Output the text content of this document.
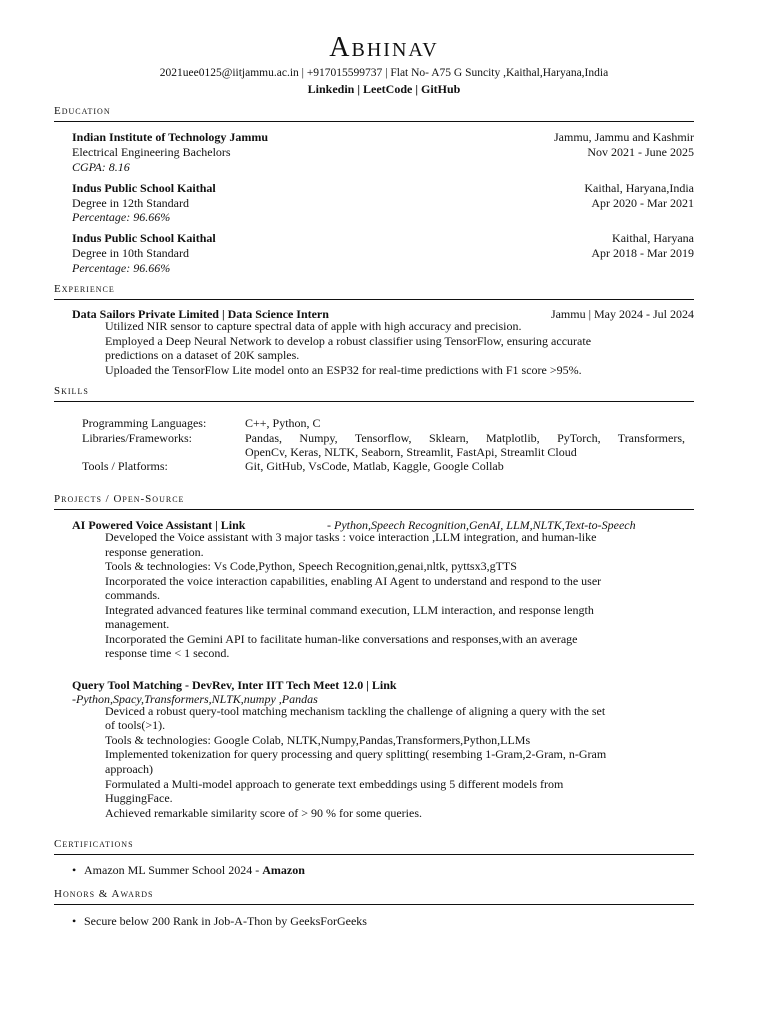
Abhinav
2021uee0125@iitjammu.ac.in | +917015599737 | Flat No- A75 G Suncity ,Kaithal,Haryana,India
Linkedin | LeetCode | GitHub
Education
Indian Institute of Technology Jammu	Jammu, Jammu and Kashmir
Electrical Engineering Bachelors	Nov 2021 - June 2025
CGPA: 8.16
Indus Public School Kaithal	Kaithal, Haryana,India
Degree in 12th Standard	Apr 2020 - Mar 2021
Percentage: 96.66%
Indus Public School Kaithal	Kaithal, Haryana
Degree in 10th Standard	Apr 2018 - Mar 2019
Percentage: 96.66%
Experience
Data Sailors Private Limited | Data Science Intern	Jammu | May 2024 - Jul 2024
Utilized NIR sensor to capture spectral data of apple with high accuracy and precision.
Employed a Deep Neural Network to develop a robust classifier using TensorFlow, ensuring accurate
predictions on a dataset of 20K samples.
Uploaded the TensorFlow Lite model onto an ESP32 for real-time predictions with F1 score >95%.
Skills
Programming Languages:	C++, Python, C
Libraries/Frameworks:	Pandas, Numpy, Tensorflow, Sklearn, Matplotlib, PyTorch, Transformers,
OpenCv, Keras, NLTK, Seaborn, Streamlit, FastApi, Streamlit Cloud
Tools / Platforms:	Git, GitHub, VsCode, Matlab, Kaggle, Google Collab
Projects / Open-Source
AI Powered Voice Assistant | Link	- Python,Speech Recognition,GenAI, LLM,NLTK,Text-to-Speech
Developed the Voice assistant with 3 major tasks : voice interaction ,LLM integration, and human-like
response generation.
Tools & technologies: Vs Code,Python, Speech Recognition,genai,nltk, pyttsx3,gTTS
Incorporated the voice interaction capabilities, enabling AI Agent to understand and respond to the user
commands.
Integrated advanced features like terminal command execution, LLM interaction, and response length
management.
Incorporated the Gemini API to facilitate human-like conversations and responses,with an average
response time < 1 second.
Query Tool Matching - DevRev, Inter IIT Tech Meet 12.0 | Link
-Python,Spacy,Transformers,NLTK,numpy ,Pandas
Deviced a robust query-tool matching mechanism tackling the challenge of aligning a query with the set
of tools(>1).
Tools & technologies: Google Colab, NLTK,Numpy,Pandas,Transformers,Python,LLMs
Implemented tokenization for query processing and query splitting( resembing 1-Gram,2-Gram, n-Gram
approach)
Formulated a Multi-model approach to generate text embeddings using 5 different models from
HuggingFace.
Achieved remarkable similarity score of > 90 % for some queries.
Certifications
• Amazon ML Summer School 2024 - Amazon
Honors & Awards
• Secure below 200 Rank in Job-A-Thon by GeeksForGeeks
